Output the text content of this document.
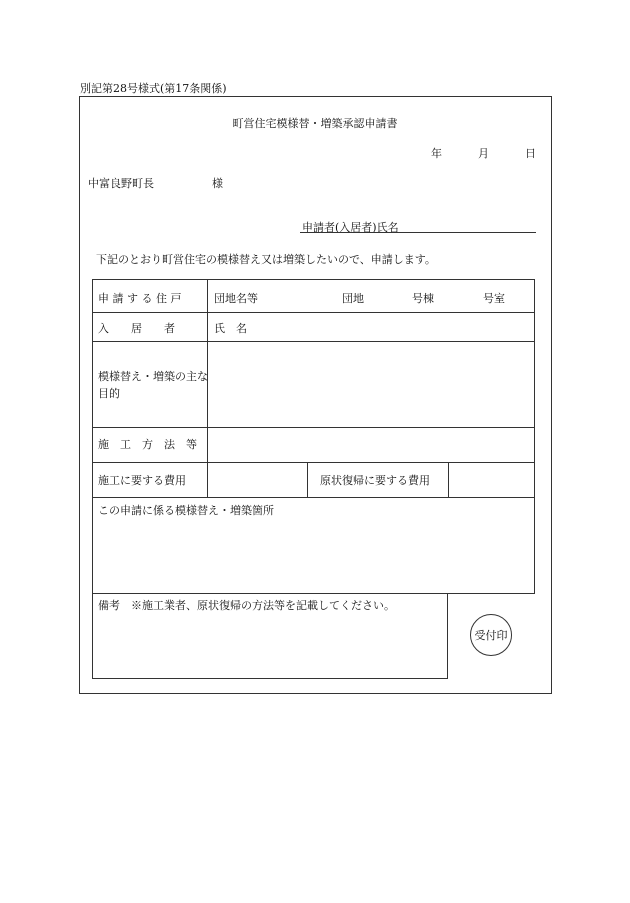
別記第28号様式(第17条関係)
町営住宅模様替・増築承認申請書
年	月	日
中富良野町長	様
申請者(入居者)氏名
下記のとおり町営住宅の模様替え又は増築したいので、申請します。
申 請 す る 住 戸	団地名等	団地	号棟	号室
入　　居　　者	氏　名
模様替え・増築の主な目的
施　工　方　法　等
施工に要する費用	原状復帰に要する費用
この申請に係る模様替え・増築箇所
備考　※施工業者、原状復帰の方法等を記載してください。
受付印
